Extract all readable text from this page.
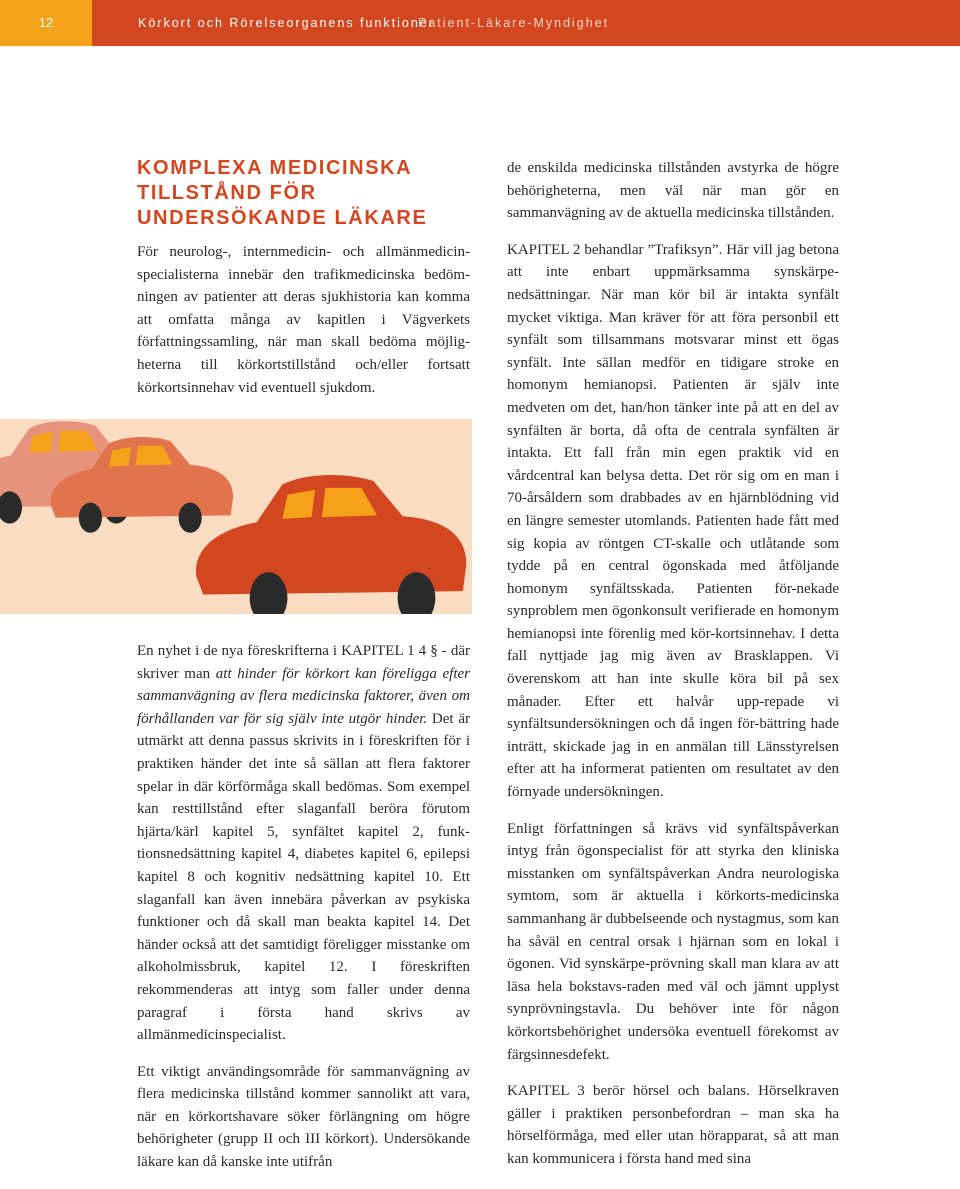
12	Körkort och Rörelseorganens funktioner
Patient-Läkare-Myndighet
KOMPLEXA MEDICINSKA
TILLSTÅND FÖR
UNDERSÖKANDE LÄKARE

För neurolog-, internmedicin- och allmänmedicin-specialisterna innebär den trafikmedicinska bedöm-ningen av patienter att deras sjukhistoria kan komma att omfatta många av kapitlen i Vägverkets författningssamling, när man skall bedöma möjlig-heterna till körkortstillstånd och/eller fortsatt körkortsinnehav vid eventuell sjukdom.

En nyhet i de nya föreskrifterna i KAPITEL 1 4 § - där skriver man att hinder för körkort kan föreligga efter sammanvägning av flera medicinska faktorer, även om förhållanden var för sig själv inte utgör hinder. Det är utmärkt att denna passus skrivits in i föreskriften för i praktiken händer det inte så sällan att flera faktorer spelar in där körförmåga skall bedömas. Som exempel kan resttillstånd efter slaganfall beröra förutom hjärta/kärl kapitel 5, synfältet kapitel 2, funk-tionsnedsättning kapitel 4, diabetes kapitel 6, epilepsi kapitel 8 och kognitiv nedsättning kapitel 10. Ett slaganfall kan även innebära påverkan av psykiska funktioner och då skall man beakta kapitel 14. Det händer också att det samtidigt föreligger misstanke om alkoholmissbruk, kapitel 12. I föreskriften rekommenderas att intyg som faller under denna paragraf i första hand skrivs av allmänmedicinspecialist.

Ett viktigt användingsområde för sammanvägning av flera medicinska tillstånd kommer sannolikt att vara, när en körkortshavare söker förlängning om högre behörigheter (grupp II och III körkort). Undersökande läkare kan då kanske inte utifrån

de enskilda medicinska tillstånden avstyrka de högre behörigheterna, men väl när man gör en sammanvägning av de aktuella medicinska tillstånden.

KAPITEL 2 behandlar ”Trafiksyn”. Här vill jag betona att inte enbart uppmärksamma synskärpe-nedsättningar. När man kör bil är intakta synfält mycket viktiga. Man kräver för att föra personbil ett synfält som tillsammans motsvarar minst ett ögas synfält. Inte sällan medför en tidigare stroke en homonym hemianopsi. Patienten är själv inte medveten om det, han/hon tänker inte på att en del av synfälten är borta, då ofta de centrala synfälten är intakta. Ett fall från min egen praktik vid en vårdcentral kan belysa detta. Det rör sig om en man i 70-årsåldern som drabbades av en hjärnblödning vid en längre semester utomlands. Patienten hade fått med sig kopia av röntgen CT-skalle och utlåtande som tydde på en central ögonskada med åtföljande homonym synfältsskada. Patienten för-nekade synproblem men ögonkonsult verifierade en homonym hemianopsi inte förenlig med kör-kortsinnehav. I detta fall nyttjade jag mig även av Brasklappen. Vi överenskom att han inte skulle köra bil på sex månader. Efter ett halvår upp-repade vi synfältsundersökningen och då ingen för-bättring hade inträtt, skickade jag in en anmälan till Länsstyrelsen efter att ha informerat patienten om resultatet av den förnyade undersökningen.

Enligt författningen så krävs vid synfältspåverkan intyg från ögonspecialist för att styrka den kliniska misstanken om synfältspåverkan Andra neurologiska symtom, som är aktuella i körkorts-medicinska sammanhang är dubbelseende och nystagmus, som kan ha såväl en central orsak i hjärnan som en lokal i ögonen. Vid synskärpe-prövning skall man klara av att läsa hela bokstavs-raden med väl och jämnt upplyst synprövningstavla. Du behöver inte för någon körkortsbehörighet undersöka eventuell förekomst av färgsinnesdefekt.

KAPITEL 3 berör hörsel och balans. Hörselkraven gäller i praktiken personbefordran – man ska ha hörselförmåga, med eller utan hörapparat, så att man kan kommunicera i första hand med sina
